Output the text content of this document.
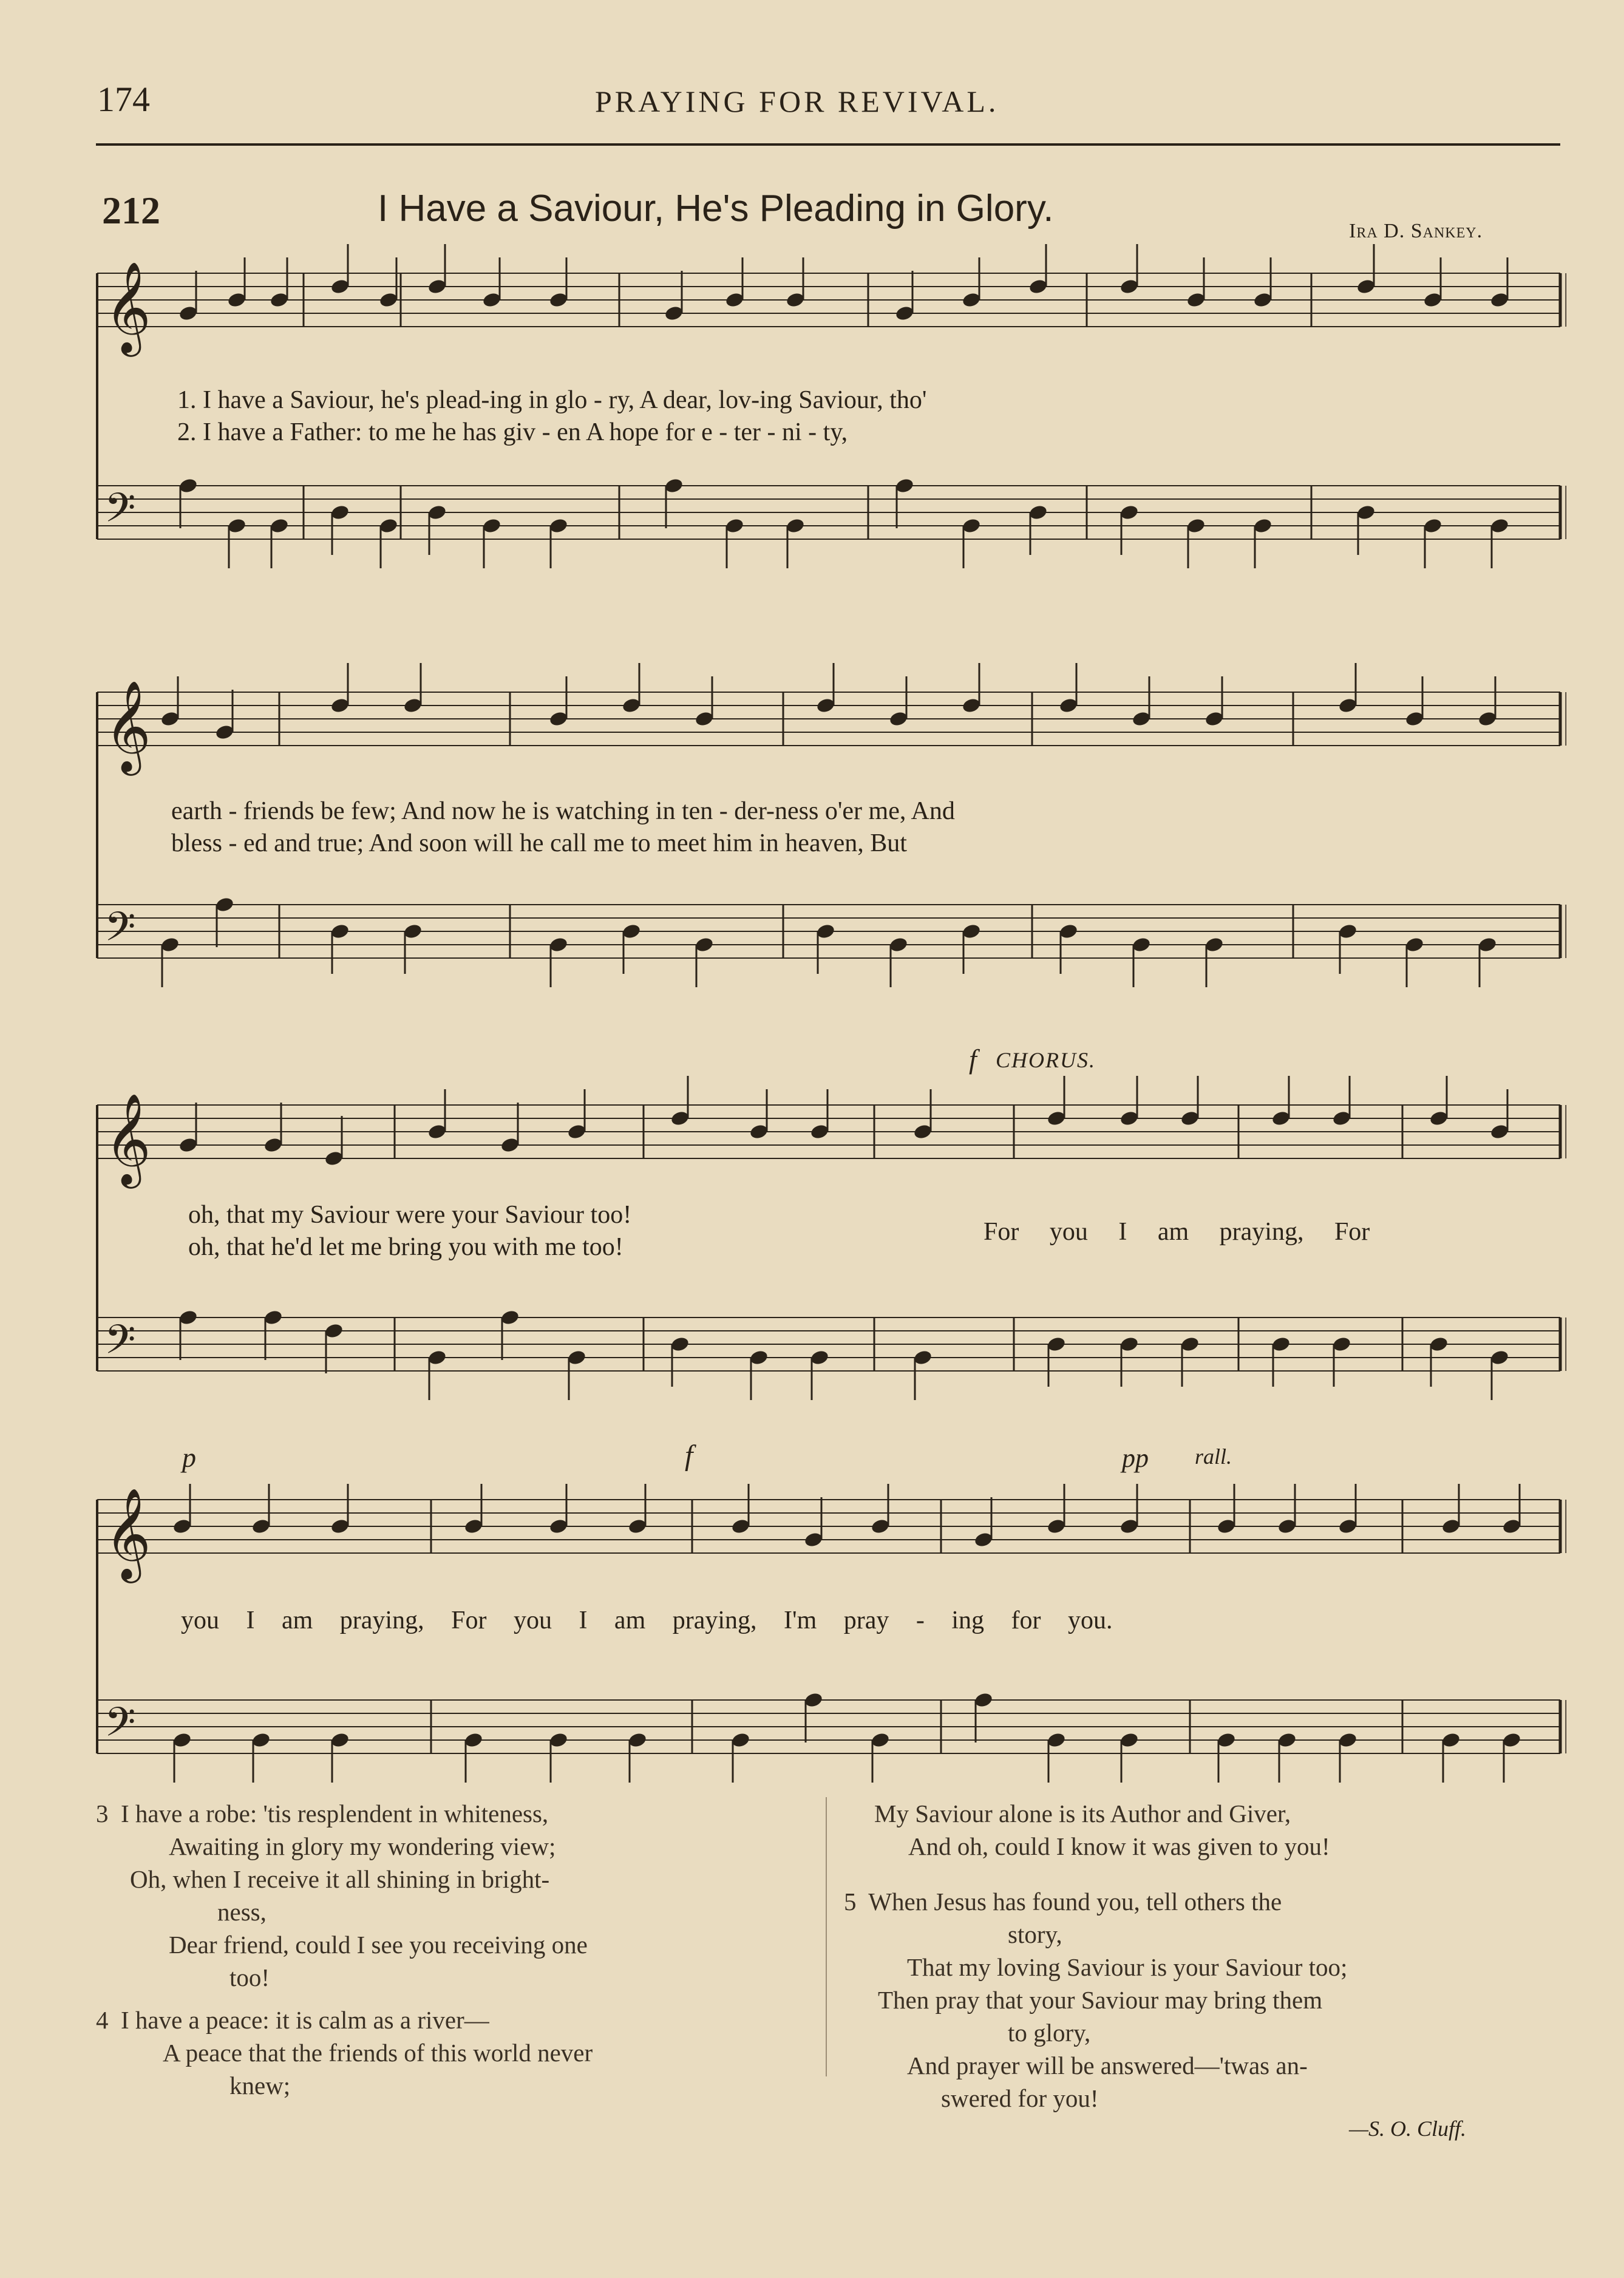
174	PRAYING FOR REVIVAL.
212	I Have a Saviour, He's Pleading in Glory.
Ira D. Sankey.
𝄞
𝄢
𝄞
𝄢
𝄞
𝄢
𝄞
𝄢
1. I have a Saviour, he's plead-ing in glo - ry, A dear, lov-ing Saviour, tho'
2. I have a Father: to me he has giv - en A hope for e - ter - ni - ty,
earth - friends be few; And now he is watching in ten - der-ness o'er me, And
bless - ed and true; And soon will he call me to meet him in heaven, But
oh, that my Saviour were your Saviour too!
oh, that he'd let me bring you with me too!
For you I am praying, For
you I am praying, For you I am praying, I'm pray - ing for you.
f CHORUS.
p	f	pp rall.
3 I have a robe: 'tis resplendent in whiteness,
Awaiting in glory my wondering view;
Oh, when I receive it all shining in bright-
ness,
Dear friend, could I see you receiving one
too!
4 I have a peace: it is calm as a river—
A peace that the friends of this world never
knew;
My Saviour alone is its Author and Giver,
And oh, could I know it was given to you!
5 When Jesus has found you, tell others the
story,
That my loving Saviour is your Saviour too;
Then pray that your Saviour may bring them
to glory,
And prayer will be answered—'twas an-
swered for you!
—S. O. Cluff.
